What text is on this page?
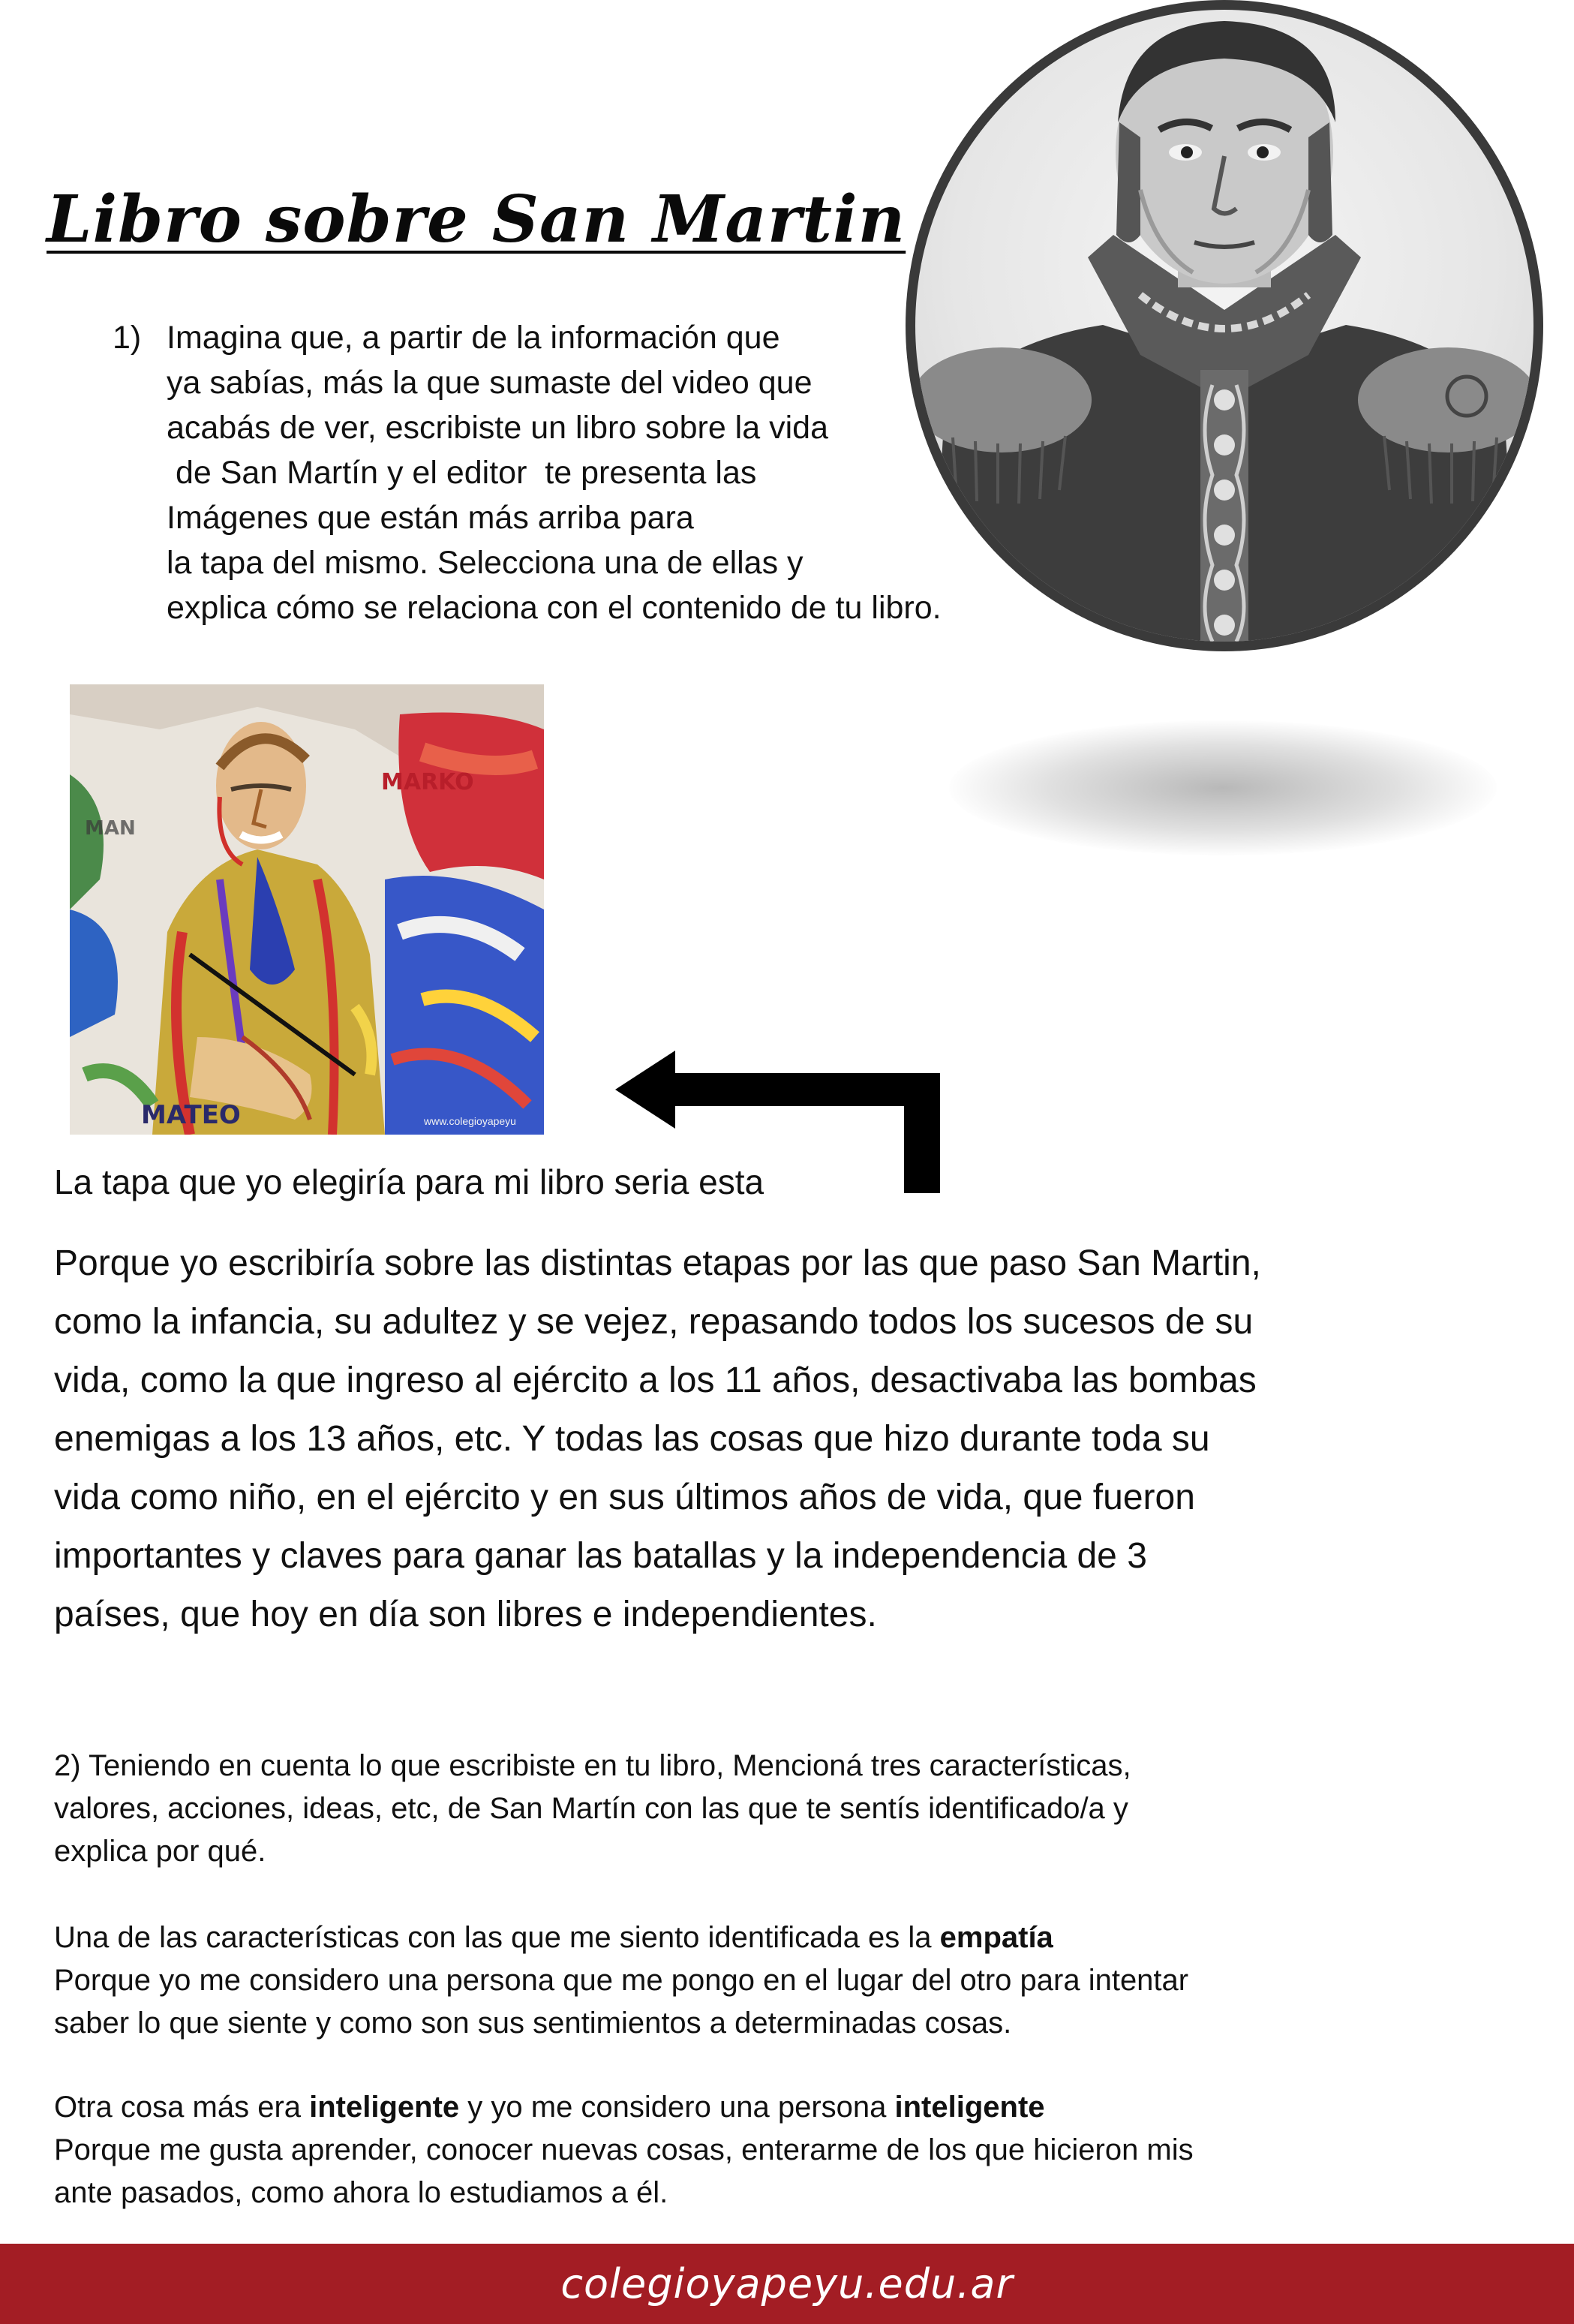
Libro sobre San Martin
1) Imagina que, a partir de la información que
ya sabías, más la que sumaste del video que
acabás de ver, escribiste un libro sobre la vida
de San Martín y el editor  te presenta las
Imágenes que están más arriba para
la tapa del mismo. Selecciona una de ellas y
explica cómo se relaciona con el contenido de tu libro.
MARKO
MAN
MATEO	www.colegioyapeyu
La tapa que yo elegiría para mi libro seria esta
Porque yo escribiría sobre las distintas etapas por las que paso San Martin,
como la infancia, su adultez y se vejez, repasando todos los sucesos de su
vida, como la que ingreso al ejército a los 11 años, desactivaba las bombas
enemigas a los 13 años, etc. Y todas las cosas que hizo durante toda su
vida como niño, en el ejército y en sus últimos años de vida, que fueron
importantes y claves para ganar las batallas y la independencia de 3
países, que hoy en día son libres e independientes.
2) Teniendo en cuenta lo que escribiste en tu libro, Mencioná tres características,
valores, acciones, ideas, etc, de San Martín con las que te sentís identificado/a y
explica por qué.
Una de las características con las que me siento identificada es la empatía
Porque yo me considero una persona que me pongo en el lugar del otro para intentar
saber lo que siente y como son sus sentimientos a determinadas cosas.
Otra cosa más era inteligente y yo me considero una persona inteligente
Porque me gusta aprender, conocer nuevas cosas, enterarme de los que hicieron mis
ante pasados, como ahora lo estudiamos a él.
colegioyapeyu.edu.ar
